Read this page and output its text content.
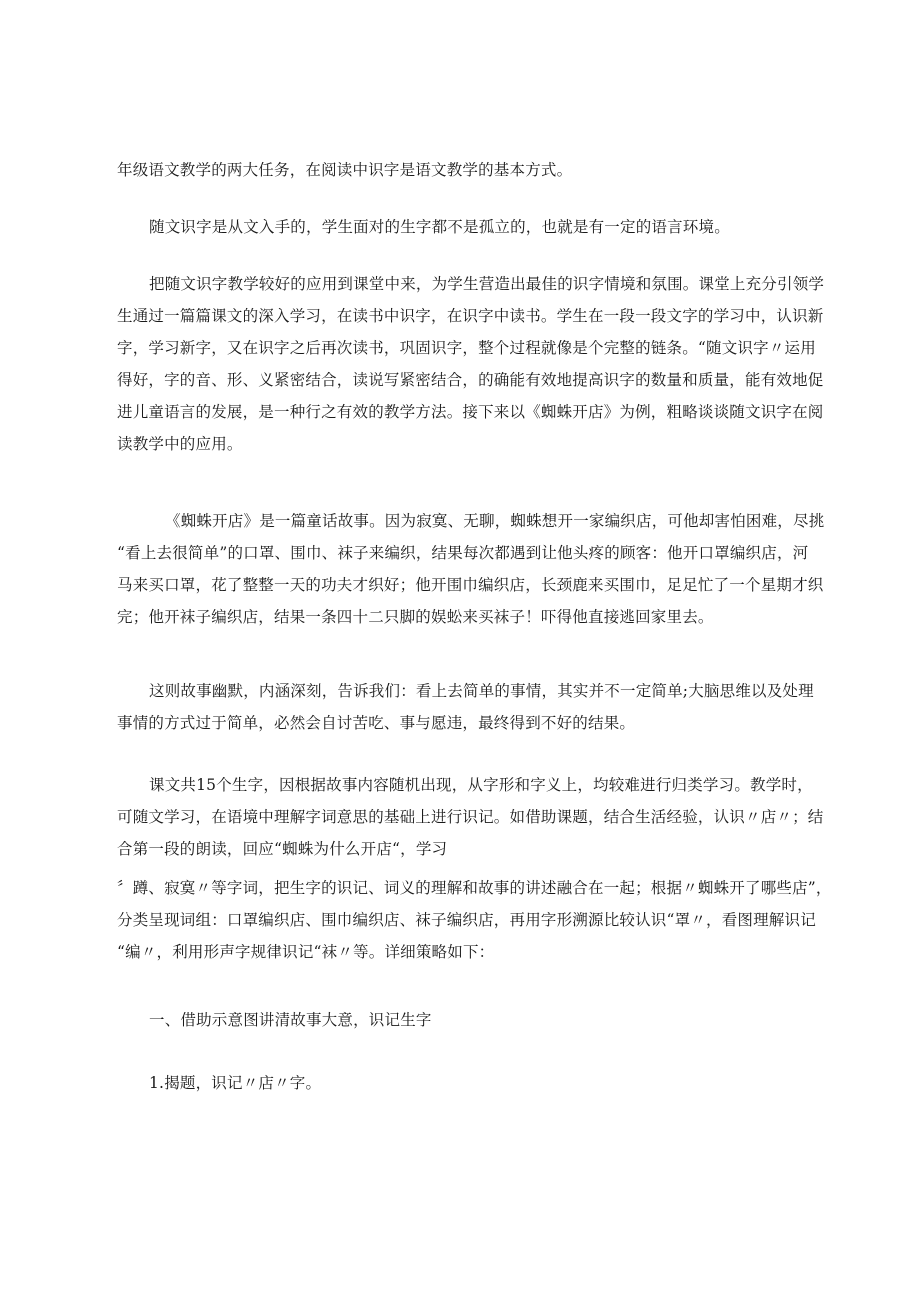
年级语文教学的两大任务，在阅读中识字是语文教学的基本方式。

随文识字是从文入手的，学生面对的生字都不是孤立的，也就是有一定的语言环境。

把随文识字教学较好的应用到课堂中来，为学生营造出最佳的识字情境和氛围。课堂上充分引领学
生通过一篇篇课文的深入学习，在读书中识字，在识字中读书。学生在一段一段文字的学习中，认识新
字，学习新字，又在识字之后再次读书，巩固识字，整个过程就像是个完整的链条。“随文识字〃运用
得好，字的音、形、义紧密结合，读说写紧密结合，的确能有效地提高识字的数量和质量，能有效地促
进儿童语言的发展，是一种行之有效的教学方法。接下来以《蜘蛛开店》为例，粗略谈谈随文识字在阅
读教学中的应用。

《蜘蛛开店》是一篇童话故事。因为寂寞、无聊，蜘蛛想开一家编织店，可他却害怕困难，尽挑
“看上去很简单”的口罩、围巾、袜子来编织，结果每次都遇到让他头疼的顾客：他开口罩编织店，河
马来买口罩，花了整整一天的功夫才织好；他开围巾编织店，长颈鹿来买围巾，足足忙了一个星期才织
完；他开袜子编织店，结果一条四十二只脚的娱蚣来买袜子！吓得他直接逃回家里去。

这则故事幽默，内涵深刻，告诉我们：看上去简单的事情，其实并不一定简单;大脑思维以及处理
事情的方式过于简单，必然会自讨苦吃、事与愿违，最终得到不好的结果。

课文共15个生字，因根据故事内容随机出现，从字形和字义上，均较难进行归类学习。教学时，
可随文学习，在语境中理解字词意思的基础上进行识记。如借助课题，结合生活经验，认识〃店〃；结
合第一段的朗读，回应“蜘蛛为什么开店“，学习

〞蹲、寂寞〃等字词，把生字的识记、词义的理解和故事的讲述融合在一起；根据〃蜘蛛开了哪些店”，
分类呈现词组：口罩编织店、围巾编织店、袜子编织店，再用字形溯源比较认识“罩〃，看图理解识记
“编〃，利用形声字规律识记“袜〃等。详细策略如下：

一、借助示意图讲清故事大意，识记生字

1.揭题，识记〃店〃字。
